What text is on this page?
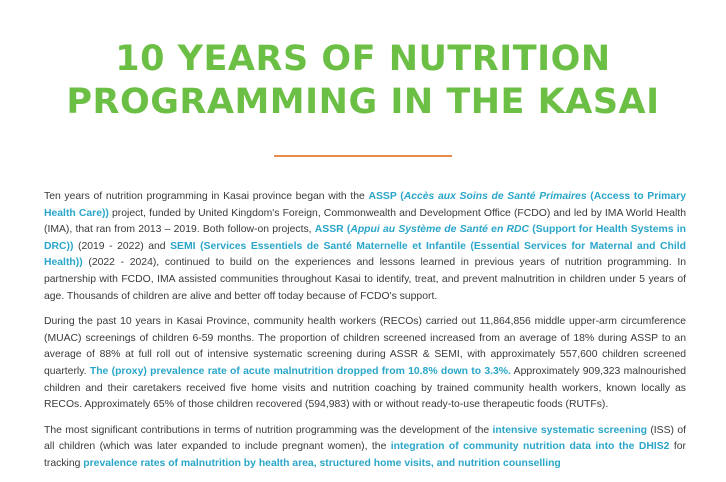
10 YEARS OF NUTRITION
PROGRAMMING IN THE KASAI

Ten years of nutrition programming in Kasai province began with the ASSP (Accès aux Soins de Santé Primaires (Access to Primary Health Care)) project, funded by United Kingdom's Foreign, Commonwealth and Development Office (FCDO) and led by IMA World Health (IMA), that ran from 2013 – 2019. Both follow-on projects, ASSR (Appui au Système de Santé en RDC (Support for Health Systems in DRC)) (2019 - 2022) and SEMI (Services Essentiels de Santé Maternelle et Infantile (Essential Services for Maternal and Child Health)) (2022 - 2024), continued to build on the experiences and lessons learned in previous years of nutrition programming. In partnership with FCDO, IMA assisted communities throughout Kasai to identify, treat, and prevent malnutrition in children under 5 years of age. Thousands of children are alive and better off today because of FCDO's support.

During the past 10 years in Kasai Province, community health workers (RECOs) carried out 11,864,856 middle upper-arm circumference (MUAC) screenings of children 6-59 months. The proportion of children screened increased from an average of 18% during ASSP to an average of 88% at full roll out of intensive systematic screening during ASSR & SEMI, with approximately 557,600 children screened quarterly. The (proxy) prevalence rate of acute malnutrition dropped from 10.8% down to 3.3%. Approximately 909,323 malnourished children and their caretakers received five home visits and nutrition coaching by trained community health workers, known locally as RECOs. Approximately 65% of those children recovered (594,983) with or without ready-to-use therapeutic foods (RUTFs).

The most significant contributions in terms of nutrition programming was the development of the intensive systematic screening (ISS) of all children (which was later expanded to include pregnant women), the integration of community nutrition data into the DHIS2 for tracking prevalence rates of malnutrition by health area, structured home visits, and nutrition counselling
